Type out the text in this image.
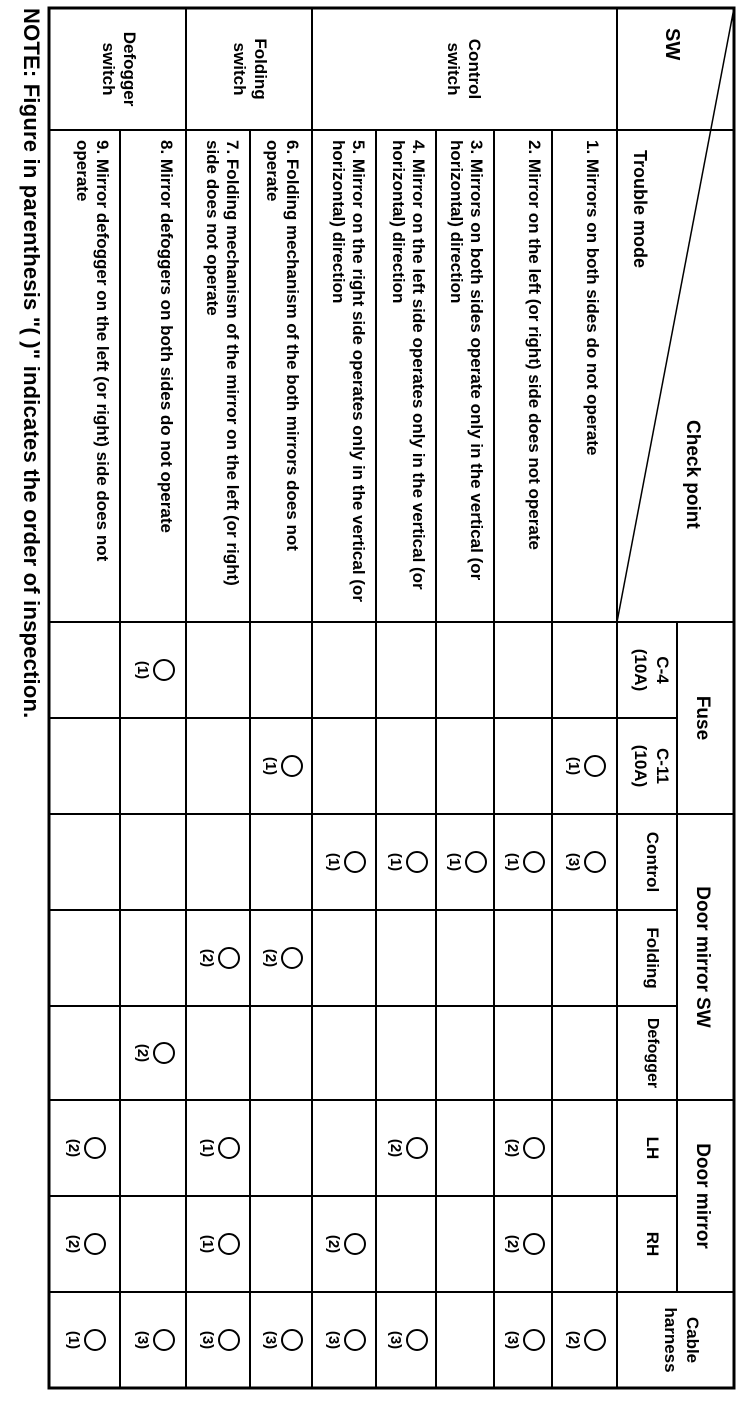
SW
Trouble mode
Check point
Fuse
C-4
(10A)
C-11
(10A)
Door mirror SW
Control
Folding
Defogger
Door mirror
LH
RH
Cable
harness
Control
switch
Folding
switch
Defogger
switch
1. Mirrors on both sides do not operate
2. Mirror on the left (or right) side does not operate
3. Mirrors on both sides operate only in the vertical (or horizontal) direction
4. Mirror on the left side operates only in the vertical (or horizontal) direction
5. Mirror on the right side operates only in the vertical (or horizontal) direction
6. Folding mechanism of the both mirrors does not operate
7. Folding mechanism of the mirror on the left (or right) side does not operate
8. Mirror defoggers on both sides do not operate
9. Mirror defogger on the left (or right) side does not operate
(1)
(3)
(2)
(1)
(2)
(2)
(3)
(1)
(1)
(2)
(3)
(1)
(2)
(3)
(1)
(2)
(3)
(2)
(1)
(1)
(3)
(1)
(2)
(3)
(2)
(2)
(1)
NOTE: Figure in parenthesis "( )" indicates the order of inspection.
